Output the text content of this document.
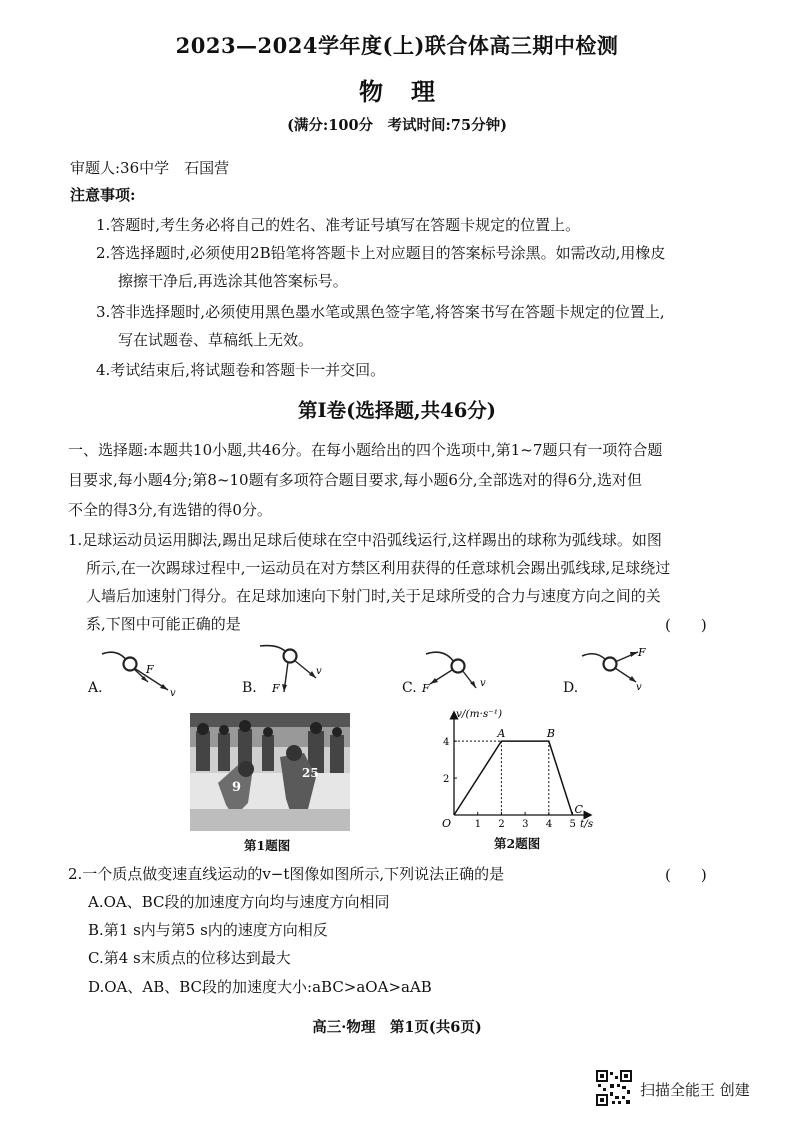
2023—2024学年度(上)联合体高三期中检测
物理
(满分:100分　考试时间:75分钟)
审题人:36中学　石国营
注意事项:
1.答题时,考生务必将自己的姓名、准考证号填写在答题卡规定的位置上。
2.答选择题时,必须使用2B铅笔将答题卡上对应题目的答案标号涂黑。如需改动,用橡皮
擦擦干净后,再选涂其他答案标号。
3.答非选择题时,必须使用黑色墨水笔或黑色签字笔,将答案书写在答题卡规定的位置上,
写在试题卷、草稿纸上无效。
4.考试结束后,将试题卷和答题卡一并交回。
第Ⅰ卷(选择题,共46分)
一、选择题:本题共10小题,共46分。在每小题给出的四个选项中,第1~7题只有一项符合题
目要求,每小题4分;第8~10题有多项符合题目要求,每小题6分,全部选对的得6分,选对但
不全的得3分,有选错的得0分。
1.足球运动员运用脚法,踢出足球后使球在空中沿弧线运行,这样踢出的球称为弧线球。如图
所示,在一次踢球过程中,一运动员在对方禁区利用获得的任意球机会踢出弧线球,足球绕过
人墙后加速射门得分。在足球加速向下射门时,关于足球所受的合力与速度方向之间的关
系,下图中可能正确的是	(　　)
A.
F
v	B. F
v
C. F	v	D.
F
v
9
25
第1题图
1 2 3 4 5
2
4
O
A	B
C
v/(m·s⁻¹)
t/s
第2题图
2.一个质点做变速直线运动的v−t图像如图所示,下列说法正确的是	(　　)
A.OA、BC段的加速度方向均与速度方向相同
B.第1 s内与第5 s内的速度方向相反
C.第4 s末质点的位移达到最大
D.OA、AB、BC段的加速度大小:aBC>aOA>aAB
高三·物理　第1页(共6页)
扫描全能王 创建
